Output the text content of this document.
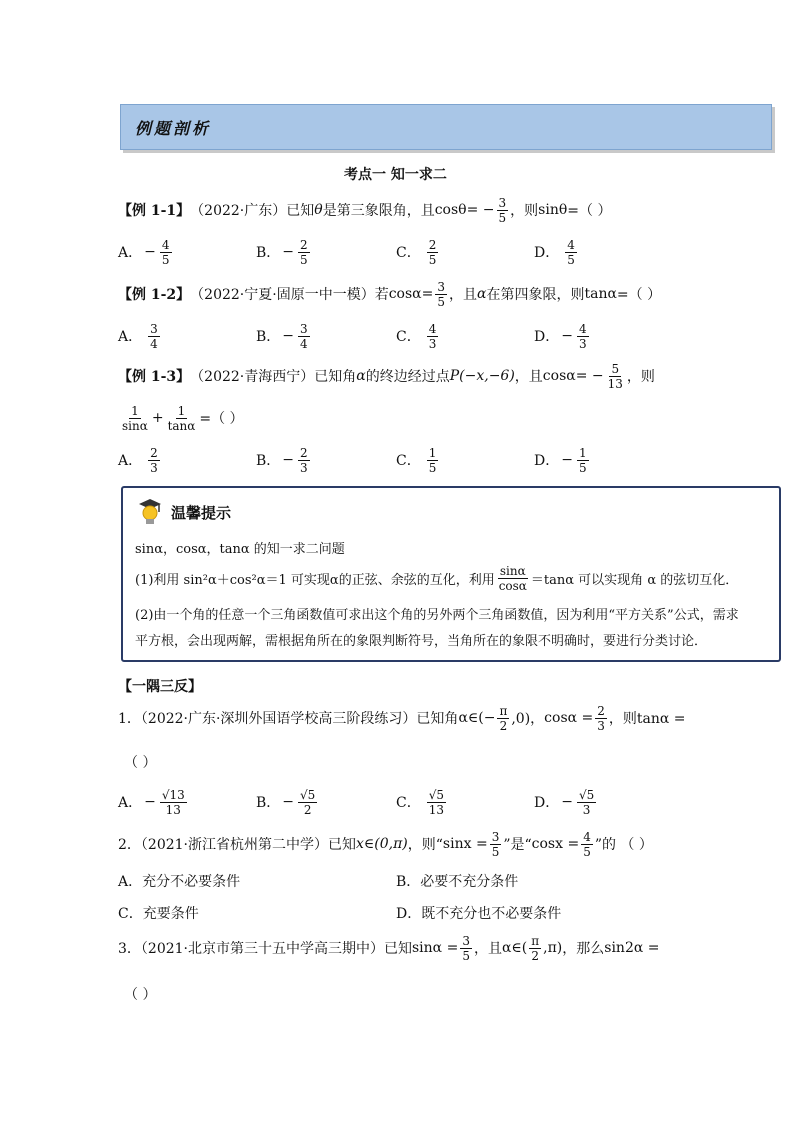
例题剖析
考点一 知一求二
【例 1-1】 （2022·广东）已知 θ 是第三象限角，且 cosθ = − $\frac{3}{5}$ ，则 sinθ =（ ）
A． − $\frac{4}{5}$	B． − $\frac{2}{5}$	C． $\frac{2}{5}$	D． $\frac{4}{5}$
【例 1-2】 （2022·宁夏·固原一中一模）若 $\cos\alpha = \frac{3}{5}$ ，且 α 在第四象限，则 tanα =（ ）
A． $\frac{3}{4}$	B． − $\frac{3}{4}$	C． $\frac{4}{3}$	D． − $\frac{4}{3}$
【例 1-3】 （2022·青海西宁）已知角 α 的终边经过点 P(−x,−6) ，且 cosα = − $\frac{5}{13}$ ，则
$\frac{1}{\sin\alpha} + \frac{1}{\tan\alpha}$ =（ ）
A． $\frac{2}{3}$	B． − $\frac{2}{3}$	C． $\frac{1}{5}$	D． − $\frac{1}{5}$
温馨提示
sinα，cosα，tanα 的知一求二问题
(1)利用 sin²α＋cos²α＝1 可实现α的正弦、余弦的互化，利用 $\frac{\sin\alpha}{\cos\alpha} =\tan\alpha$ 可以实现角 α 的弦切互化．
(2)由一个角的任意一个三角函数值可求出这个角的另外两个三角函数值，因为利用“平方关系”公式，需求
平方根，会出现两解，需根据角所在的象限判断符号，当角所在的象限不明确时，要进行分类讨论．
【一隅三反】
1．（2022·广东·深圳外国语学校高三阶段练习）已知角 α∈(− $\frac{\pi}{2} ,0$)， $\cos\alpha = \frac{2}{3}$ ，则tanα =
（ ）
A． − $\frac{√13}{13}$	B． − $\frac{√5}{2}$	C． $\frac{√5}{13}$	D． − $\frac{√5}{3}$
2．（2021·浙江省杭州第二中学）已知 x∈(0,π) ，则“ $\sin x = \frac{3}{5}$ ”是“ $\cos x = \frac{4}{5}$ ”的 （ ）
A． 充分不必要条件	B． 必要不充分条件
C． 充要条件	D． 既不充分也不必要条件
3．（2021·北京市第三十五中学高三期中）已知 $\sin\alpha = \frac{3}{5}$ ，且 α∈( $\frac{\pi}{2} ,\pi$) ，那么 sin2α =
（ ）
